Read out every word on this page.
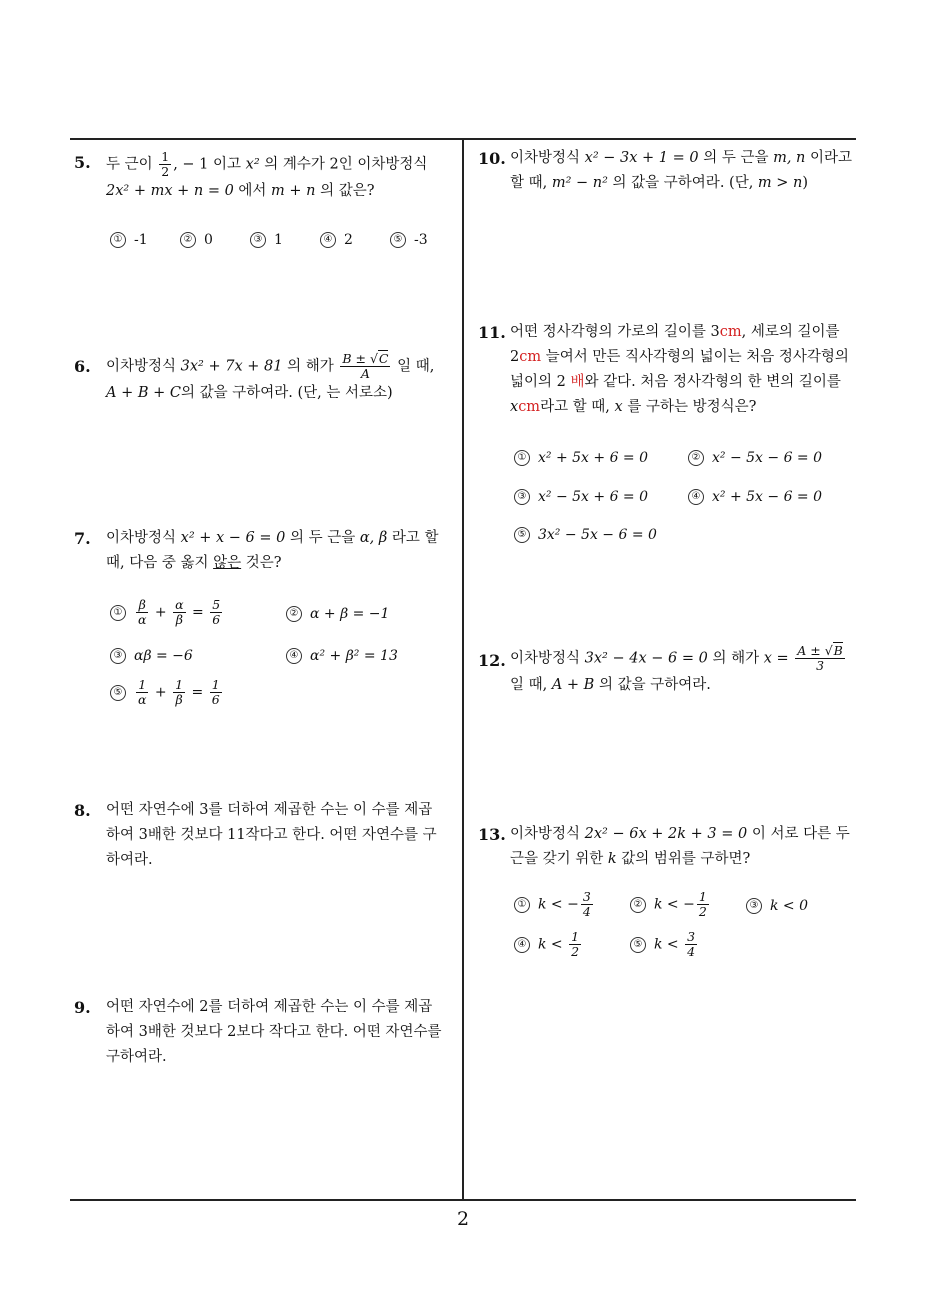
2
5. 두 근이 $\frac{1}{2}$ , − 1 이고 x² 의 계수가 2인 이차방정식
2x² + mx + n = 0 에서 m + n 의 값은?
① -1	② 0	③ 1	④ 2	⑤ -3
6. 이차방정식 3x² + 7x + 81 의 해가 $\frac{B \pm √C}{A}$ 일 때,
A + B + C의 값을 구하여라. (단, 는 서로소)
7. 이차방정식 x² + x − 6 = 0 의 두 근을 α, β 라고 할
때, 다음 중 옳지 않은 것은?
① $\frac{\beta}{\alpha} + \frac{\alpha}{\beta} = \frac{5}{6}$	② α + β = −1
③ αβ = −6	④ α² + β² = 13
⑤ $\frac{1}{\alpha} + \frac{1}{\beta} = \frac{1}{6}$
8. 어떤 자연수에 3를 더하여 제곱한 수는 이 수를 제곱
하여 3배한 것보다 11작다고 한다. 어떤 자연수를 구
하여라.
9. 어떤 자연수에 2를 더하여 제곱한 수는 이 수를 제곱
하여 3배한 것보다 2보다 작다고 한다. 어떤 자연수를
구하여라.
10. 이차방정식 x² − 3x + 1 = 0 의 두 근을 m, n 이라고
할 때, m² − n² 의 값을 구하여라. (단, m > n)
11. 어떤 정사각형의 가로의 길이를 3cm, 세로의 길이를
2cm 늘여서 만든 직사각형의 넓이는 처음 정사각형의
넓이의 2 배와 같다. 처음 정사각형의 한 변의 길이를
xcm라고 할 때, x 를 구하는 방정식은?
① x² + 5x + 6 = 0	② x² − 5x − 6 = 0
③ x² − 5x + 6 = 0	④ x² + 5x − 6 = 0
⑤ 3x² − 5x − 6 = 0
12. 이차방정식 3x² − 4x − 6 = 0 의 해가 $x = \frac{A \pm √B}{3}$
일 때, A + B 의 값을 구하여라.
13. 이차방정식 2x² − 6x + 2k + 3 = 0 이 서로 다른 두
근을 갖기 위한 k 값의 범위를 구하면?
① k < − $\frac{3}{4}$	② k < − $\frac{1}{2}$	③ k < 0
④ $k < \frac{1}{2}$	⑤ $k < \frac{3}{4}$
